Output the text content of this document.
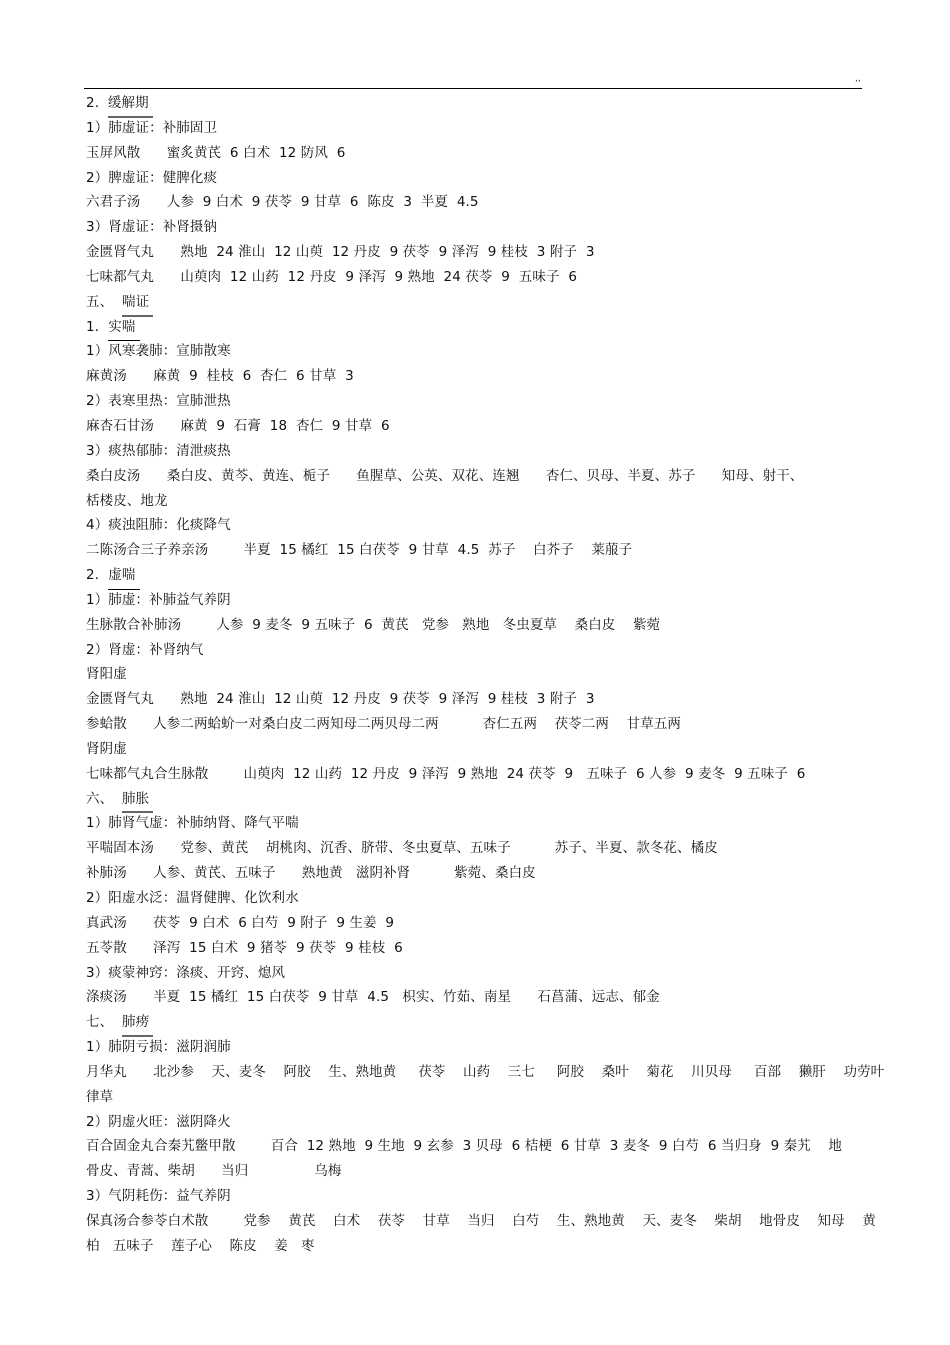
,,
2.  缓解期
1）肺虚证：补肺固卫
玉屏风散      蜜炙黄芪  6 白术  12 防风  6
2）脾虚证：健脾化痰
六君子汤      人参  9 白术  9 茯苓  9 甘草  6  陈皮  3  半夏  4.5
3）肾虚证：补肾摄钠
金匮肾气丸      熟地  24 淮山  12 山萸  12 丹皮  9 茯苓  9 泽泻  9 桂枝  3 附子  3
七味都气丸      山萸肉  12 山药  12 丹皮  9 泽泻  9 熟地  24 茯苓  9  五味子  6
五、  喘证
1．实喘
1）风寒袭肺：宣肺散寒
麻黄汤      麻黄  9  桂枝  6  杏仁  6 甘草  3
2）表寒里热：宣肺泄热
麻杏石甘汤      麻黄  9  石膏  18  杏仁  9 甘草  6
3）痰热郁肺：清泄痰热
桑白皮汤      桑白皮、黄芩、黄连、栀子      鱼腥草、公英、双花、连翘      杏仁、贝母、半夏、苏子      知母、射干、
栝楼皮、地龙
4）痰浊阻肺：化痰降气
二陈汤合三子养亲汤        半夏  15 橘红  15 白茯苓  9 甘草  4.5  苏子    白芥子    莱菔子
2．虚喘
1）肺虚：补肺益气养阴
生脉散合补肺汤        人参  9 麦冬  9 五味子  6  黄芪   党参   熟地   冬虫夏草    桑白皮    紫菀
2）肾虚：补肾纳气
肾阳虚
金匮肾气丸      熟地  24 淮山  12 山萸  12 丹皮  9 茯苓  9 泽泻  9 桂枝  3 附子  3
参蛤散      人参二两蛤蚧一对桑白皮二两知母二两贝母二两          杏仁五两    茯苓二两    甘草五两
肾阴虚
七味都气丸合生脉散        山萸肉  12 山药  12 丹皮  9 泽泻  9 熟地  24 茯苓  9   五味子  6 人参  9 麦冬  9 五味子  6
六、  肺胀
1）肺肾气虚：补肺纳肾、降气平喘
平喘固本汤      党参、黄芪    胡桃肉、沉香、脐带、冬虫夏草、五味子          苏子、半夏、款冬花、橘皮
补肺汤      人参、黄芪、五味子      熟地黄   滋阴补肾          紫菀、桑白皮
2）阳虚水泛：温肾健脾、化饮利水
真武汤      茯苓  9 白术  6 白芍  9 附子  9 生姜  9
五苓散      泽泻  15 白术  9 猪苓  9 茯苓  9 桂枝  6
3）痰蒙神窍：涤痰、开窍、熄风
涤痰汤      半夏  15 橘红  15 白茯苓  9 甘草  4.5   枳实、竹茹、南星      石菖蒲、远志、郁金
七、  肺痨
1）肺阴亏损：滋阴润肺
月华丸      北沙参    天、麦冬    阿胶    生、熟地黄     茯苓    山药    三七     阿胶    桑叶    菊花    川贝母     百部    獭肝    功劳叶
律草
2）阴虚火旺：滋阴降火
百合固金丸合秦艽鳖甲散        百合  12 熟地  9 生地  9 玄参  3 贝母  6 桔梗  6 甘草  3 麦冬  9 白芍  6 当归身  9 秦艽    地
骨皮、青蒿、柴胡      当归               乌梅
3）气阴耗伤：益气养阴
保真汤合参苓白术散        党参    黄芪    白术    茯苓    甘草    当归    白芍    生、熟地黄    天、麦冬    柴胡    地骨皮    知母    黄
柏   五味子    莲子心    陈皮    姜   枣
